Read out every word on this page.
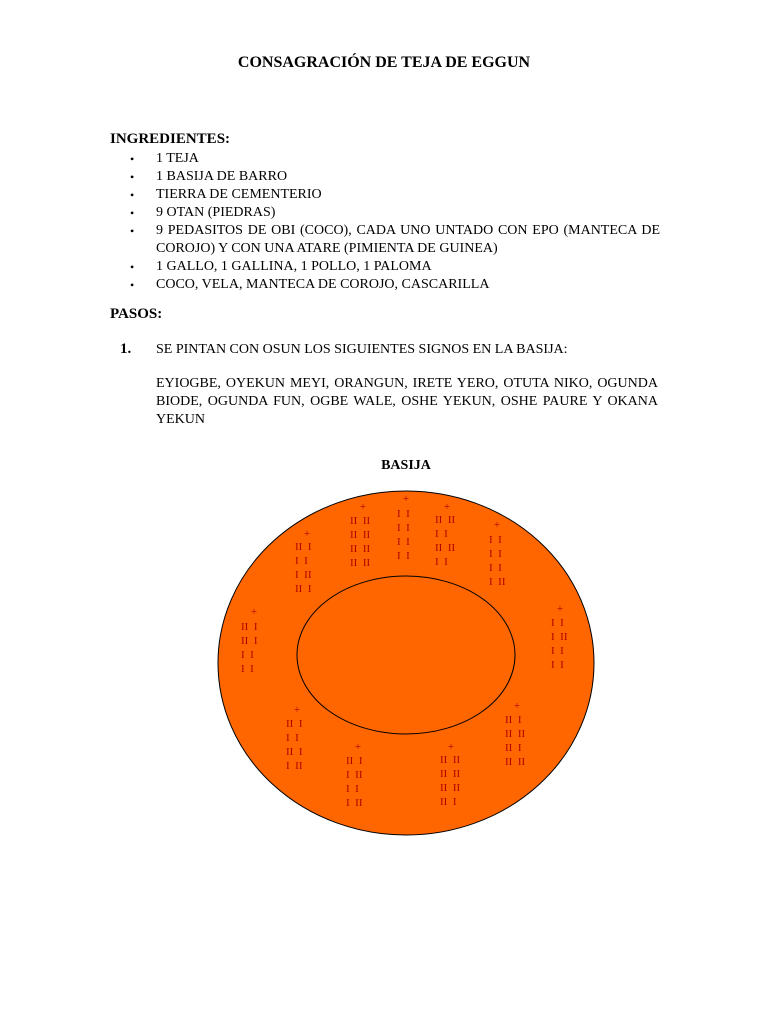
CONSAGRACIÓN DE TEJA DE EGGUN
INGREDIENTES:
• 1 TEJA
• 1 BASIJA DE BARRO
• TIERRA DE CEMENTERIO
• 9 OTAN (PIEDRAS)
• 9 PEDASITOS DE OBI (COCO), CADA UNO UNTADO CON EPO (MANTECA DE COROJO) Y CON UNA ATARE (PIMIENTA DE GUINEA)
• 1 GALLO, 1 GALLINA, 1 POLLO, 1 PALOMA
• COCO, VELA, MANTECA DE COROJO, CASCARILLA
PASOS:
1. SE PINTAN CON OSUN LOS SIGUIENTES SIGNOS EN LA BASIJA:
EYIOGBE, OYEKUN MEYI, ORANGUN, IRETE YERO, OTUTA NIKO, OGUNDA BIODE, OGUNDA FUN, OGBE WALE, OSHE YEKUN, OSHE PAURE Y OKANA YEKUN
BASIJA
+
II  I
I  I
I  II
II  I
+
II  II
II  II
II  II
II  II
+
I  I
I  I
I  I
I  I
+
II  II
I  I
II  II
I  I
+
I  I
I  I
I  I
I  II
+
II  I
II  I
I  I
I  I
+
I  I
I  II
I  I
I  I
+
II  I
I  I
II  I
I  II
+
II  I
II  II
II  I
II  II
+
II  I
I  II
I  I
I  II
+
II  II
II  II
II  II
II  I
